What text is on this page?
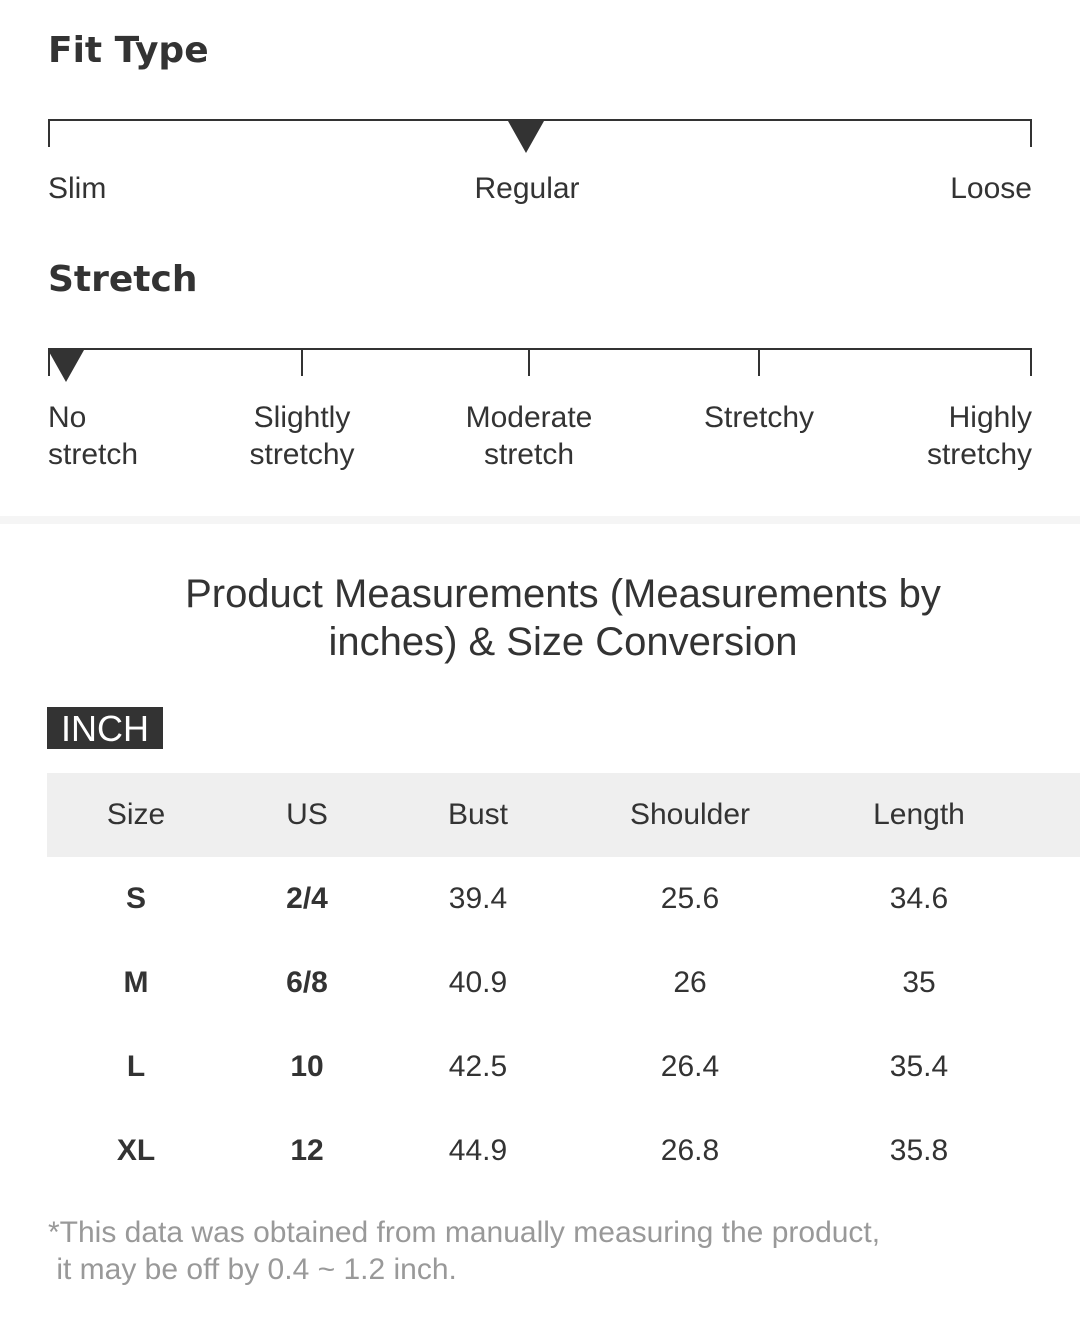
Fit Type
Slim	Regular	Loose
Stretch
No
stretch
Slightly
stretchy
Moderate
stretch
Stretchy	Highly
stretchy
Product Measurements (Measurements by inches) & Size Conversion
INCH
Size	US	Bust	Shoulder	Length	
S	2/4	39.4	25.6	34.6	
M	6/8	40.9	26	35	
L	10	42.5	26.4	35.4	
XL	12	44.9	26.8	35.8	
*This data was obtained from manually measuring the product,
it may be off by 0.4 ~ 1.2 inch.
